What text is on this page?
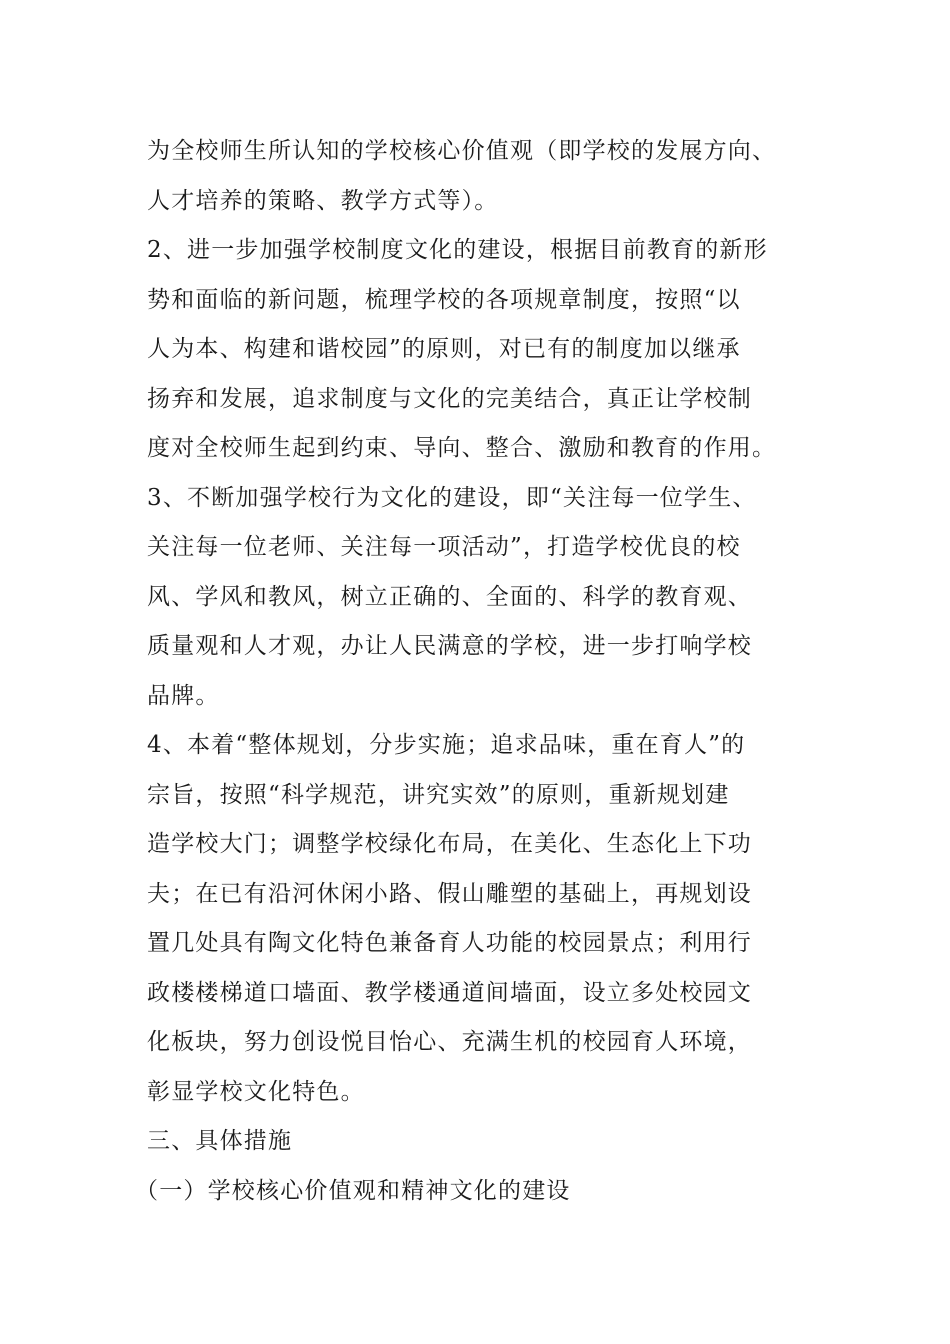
为全校师生所认知的学校核心价值观（即学校的发展方向、
人才培养的策略、教学方式等）。
2、进一步加强学校制度文化的建设，根据目前教育的新形
势和面临的新问题，梳理学校的各项规章制度，按照“以
人为本、构建和谐校园”的原则，对已有的制度加以继承
扬弃和发展，追求制度与文化的完美结合，真正让学校制
度对全校师生起到约束、导向、整合、激励和教育的作用。
3、不断加强学校行为文化的建设，即“关注每一位学生、
关注每一位老师、关注每一项活动”，打造学校优良的校
风、学风和教风，树立正确的、全面的、科学的教育观、
质量观和人才观，办让人民满意的学校，进一步打响学校
品牌。
4、本着“整体规划，分步实施；追求品味，重在育人”的
宗旨，按照“科学规范，讲究实效”的原则，重新规划建
造学校大门；调整学校绿化布局，在美化、生态化上下功
夫；在已有沿河休闲小路、假山雕塑的基础上，再规划设
置几处具有陶文化特色兼备育人功能的校园景点；利用行
政楼楼梯道口墙面、教学楼通道间墙面，设立多处校园文
化板块，努力创设悦目怡心、充满生机的校园育人环境，
彰显学校文化特色。
三、具体措施
（一）学校核心价值观和精神文化的建设
